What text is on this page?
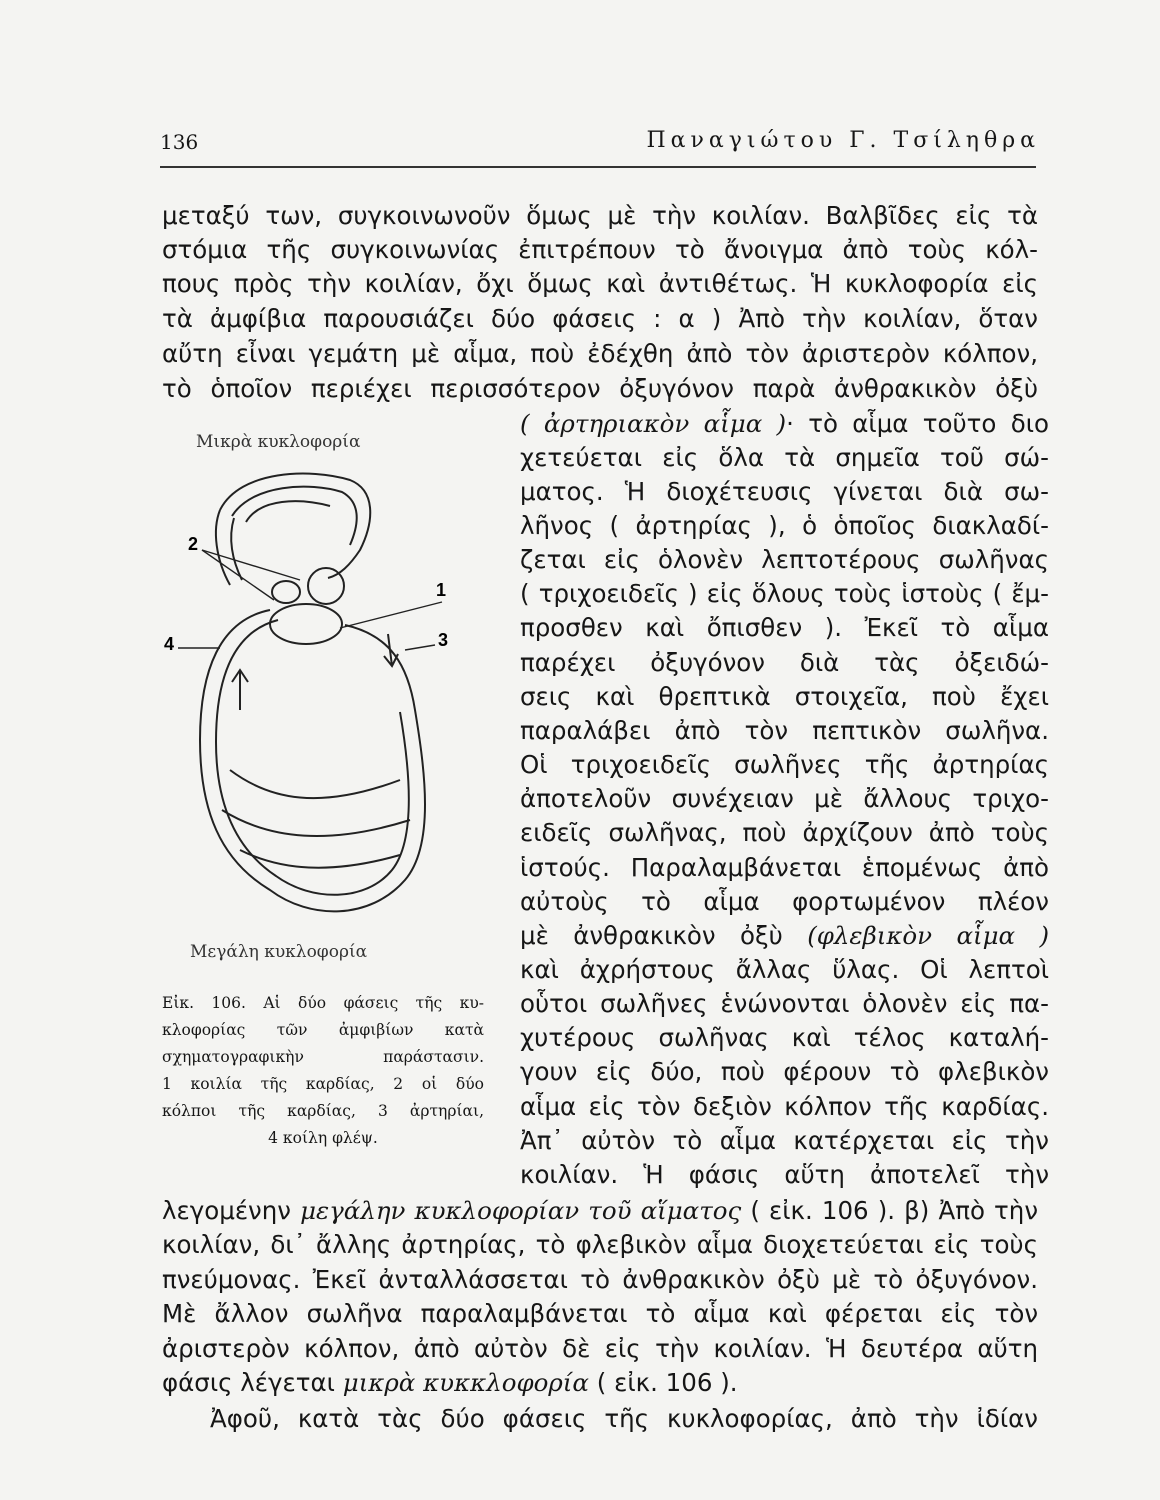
136	Παναγιώτου Γ. Τσίληθρα
μεταξύ των, συγκοινωνοῦν ὅμως μὲ τὴν κοιλίαν. Βαλβῖδες εἰς τὰ
στόμια τῆς συγκοινωνίας ἐπιτρέπουν τὸ ἄνοιγμα ἀπὸ τοὺς κόλ-
πους πρὸς τὴν κοιλίαν, ὄχι ὅμως καὶ ἀντιθέτως. Ἡ κυκλοφορία εἰς
τὰ ἀμφίβια παρουσιάζει δύο φάσεις : α ) Ἀπὸ τὴν κοιλίαν, ὅταν
αὔτη εἶναι γεμάτη μὲ αἷμα, ποὺ ἐδέχθη ἀπὸ τὸν ἀριστερὸν κόλπον,
τὸ ὁποῖον περιέχει περισσότερον ὀξυγόνον παρὰ ἀνθρακικὸν ὀξὺ
( ἀρτηριακὸν αἷμα )· τὸ αἷμα τοῦτο διο
χετεύεται εἰς ὅλα τὰ σημεῖα τοῦ σώ-
ματος. Ἡ διοχέτευσις γίνεται διὰ σω-
λῆνος ( ἀρτηρίας ), ὁ ὁποῖος διακλαδί-
ζεται εἰς ὁλονὲν λεπτοτέρους σωλῆνας
( τριχοειδεῖς ) εἰς ὅλους τοὺς ἱστοὺς ( ἔμ-
προσθεν καὶ ὄπισθεν ). Ἐκεῖ τὸ αἷμα
παρέχει ὀξυγόνον διὰ τὰς ὀξειδώ-
σεις καὶ θρεπτικὰ στοιχεῖα, ποὺ ἔχει
παραλάβει ἀπὸ τὸν πεπτικὸν σωλῆνα.
Οἱ τριχοειδεῖς σωλῆνες τῆς ἀρτηρίας
ἀποτελοῦν συνέχειαν μὲ ἄλλους τριχο-
ειδεῖς σωλῆνας, ποὺ ἀρχίζουν ἀπὸ τοὺς
ἱστούς. Παραλαμβάνεται ἑπομένως ἀπὸ
αὐτοὺς τὸ αἷμα φορτωμένον πλέον
μὲ ἀνθρακικὸν ὀξὺ (φλεβικὸν αἷμα )
καὶ ἀχρήστους ἄλλας ὕλας. Οἱ λεπτοὶ
οὗτοι σωλῆνες ἑνώνονται ὁλονὲν εἰς πα-
χυτέρους σωλῆνας καὶ τέλος καταλή-
γουν εἰς δύο, ποὺ φέρουν τὸ φλεβικὸν
αἷμα εἰς τὸν δεξιὸν κόλπον τῆς καρδίας.
Ἀπ᾿ αὐτὸν τὸ αἷμα κατέρχεται εἰς τὴν
κοιλίαν. Ἡ φάσις αὕτη ἀποτελεῖ τὴν
λεγομένην μεγάλην κυκλοφορίαν τοῦ αἵματος ( εἰκ. 106 ). β) Ἀπὸ τὴν
κοιλίαν, δι᾿ ἄλλης ἀρτηρίας, τὸ φλεβικὸν αἷμα διοχετεύεται εἰς τοὺς
πνεύμονας. Ἐκεῖ ἀνταλλάσσεται τὸ ἀνθρακικὸν ὀξὺ μὲ τὸ ὀξυγόνον.
Μὲ ἄλλον σωλῆνα παραλαμβάνεται τὸ αἷμα καὶ φέρεται εἰς τὸν
ἀριστερὸν κόλπον, ἀπὸ αὐτὸν δὲ εἰς τὴν κοιλίαν. Ἡ δευτέρα αὕτη
φάσις λέγεται μικρὰ κυκκλοφορία ( εἰκ. 106 ).
Ἀφοῦ, κατὰ τὰς δύο φάσεις τῆς κυκλοφορίας, ἀπὸ τὴν ἰδίαν
Μικρὰ κυκλοφορία
2
1
3
4
Μεγάλη κυκλοφορία
Εἰκ. 106. Αἱ δύο φάσεις τῆς κυ-
κλοφορίας τῶν ἀμφιβίων κατὰ
σχηματογραφικὴν παράστασιν.
1 κοιλία τῆς καρδίας, 2 οἱ δύο
κόλποι τῆς καρδίας, 3 ἀρτηρίαι,
4 κοίλη φλέψ.
